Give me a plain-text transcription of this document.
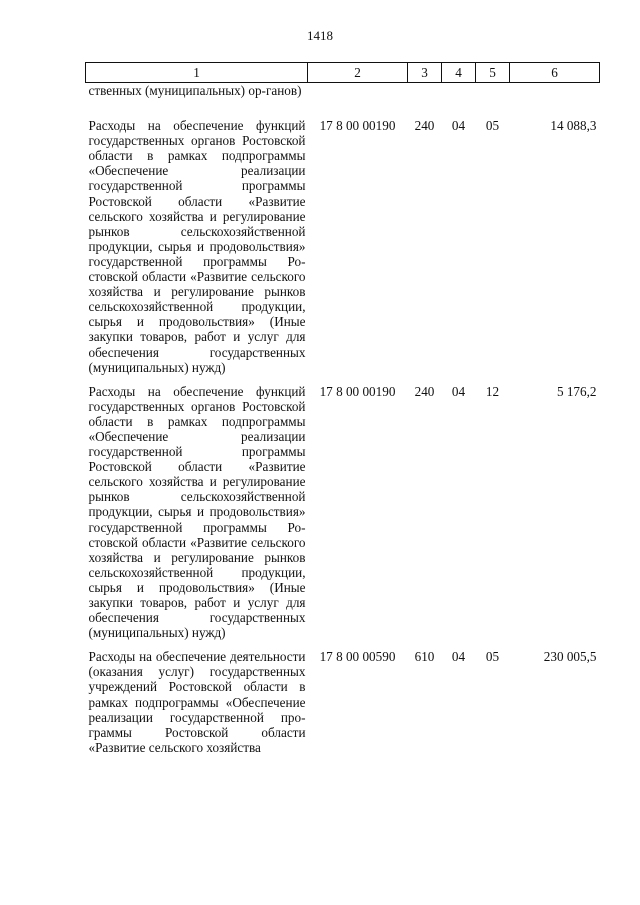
1418
1	2	3	4	5	6
ственных (муниципальных) ор-ганов)					
Расходы на обеспечение функций государственных органов Ростовской области в рамках подпрограммы «Обеспечение реализации государственной программы Ростовской области «Развитие сельского хозяйства и регулирование рынков сельскохозяйственной продукции, сырья и продовольствия» государственной программы Ростовской области «Развитие сельского хозяйства и регулирование рынков сельскохозяйственной продукции, сырья и продовольствия» (Иные закупки товаров, работ и услуг для обеспечения государственных (муниципальных) нужд)	17 8 00 00190	240	04	05	14 088,3
Расходы на обеспечение функций государственных органов Ростовской области в рамках подпрограммы «Обеспечение реализации государственной программы Ростовской области «Развитие сельского хозяйства и регулирование рынков сельскохозяйственной продукции, сырья и продовольствия» государственной программы Ростовской области «Развитие сельского хозяйства и регулирование рынков сельскохозяйственной продукции, сырья и продовольствия» (Иные закупки товаров, работ и услуг для обеспечения государственных (муниципальных) нужд)	17 8 00 00190	240	04	12	5 176,2
Расходы на обеспечение деятельности (оказания услуг) государственных учреждений Ростовской области в рамках подпрограммы «Обеспечение реализации государственной программы Ростовской области «Развитие сельского хозяйства	17 8 00 00590	610	04	05	230 005,5
